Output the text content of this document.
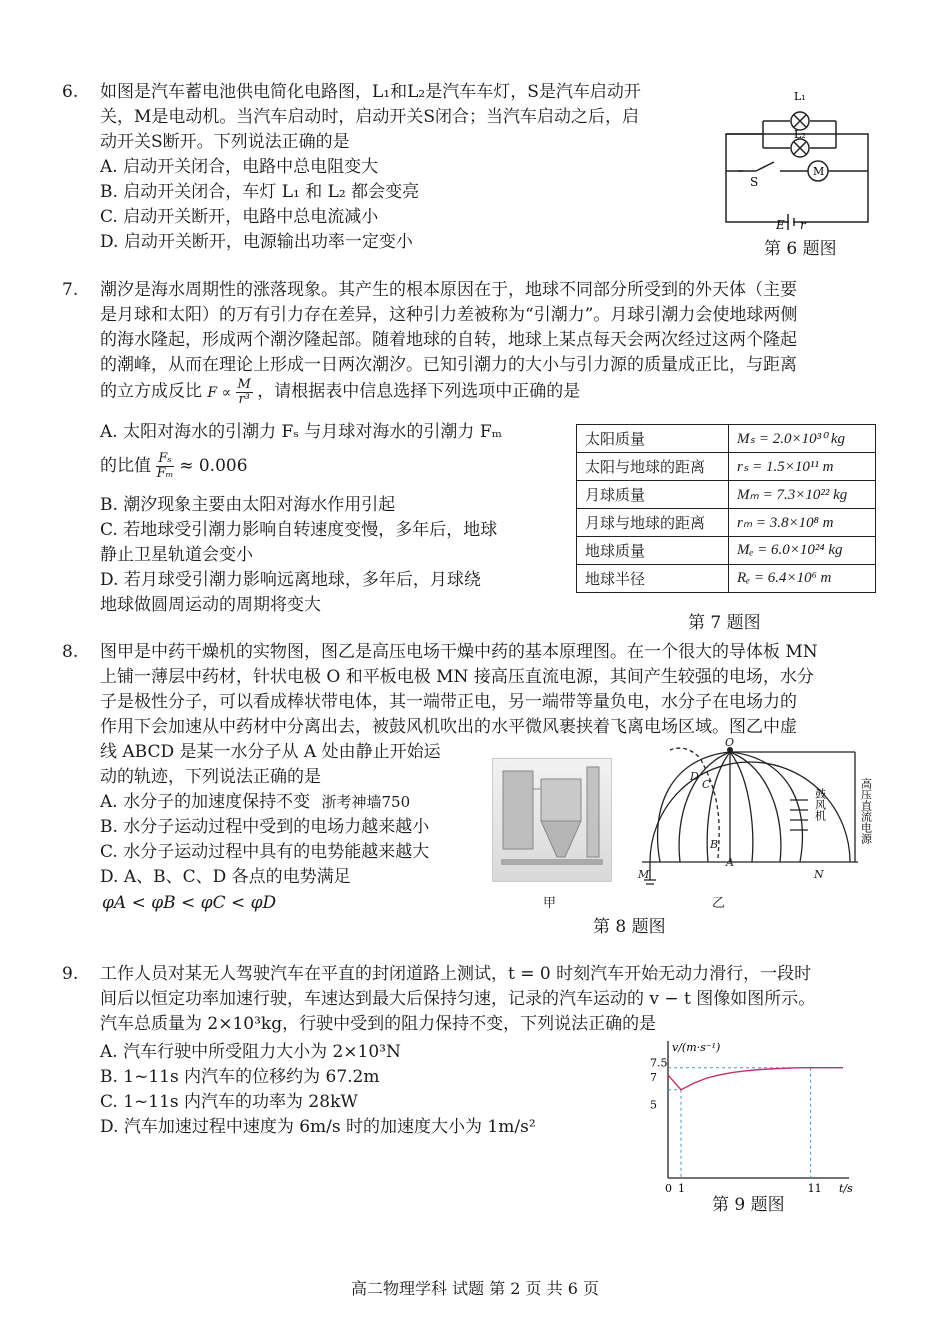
6. 如图是汽车蓄电池供电简化电路图，L₁和L₂是汽车车灯，S是汽车启动开
关，M是电动机。当汽车启动时，启动开关S闭合；当汽车启动之后，启
动开关S断开。下列说法正确的是
A. 启动开关闭合，电路中总电阻变大
B. 启动开关闭合，车灯 L₁ 和 L₂ 都会变亮
C. 启动开关断开，电路中总电流减小
D. 启动开关断开，电源输出功率一定变小
L₁
L₂
S
M
E r
第 6 题图
7. 潮汐是海水周期性的涨落现象。其产生的根本原因在于，地球不同部分所受到的外天体（主要
是月球和太阳）的万有引力存在差异，这种引力差被称为“引潮力”。月球引潮力会使地球两侧
的海水隆起，形成两个潮汐隆起部。随着地球的自转，地球上某点每天会两次经过这两个隆起
的潮峰，从而在理论上形成一日两次潮汐。已知引潮力的大小与引力源的质量成正比，与距离
的立方成反比 $F \propto \frac{M}{\text{r³}}$ ，请根据表中信息选择下列选项中正确的是
A. 太阳对海水的引潮力 Fₛ 与月球对海水的引潮力 Fₘ
的比值 $\frac{\text{Fₛ}}{\text{Fₘ}} \approx 0.006$
B. 潮汐现象主要由太阳对海水作用引起
C. 若地球受引潮力影响自转速度变慢，多年后，地球
静止卫星轨道会变小
D. 若月球受引潮力影响远离地球，多年后，月球绕
地球做圆周运动的周期将变大
太阳质量	Mₛ = 2.0×10³⁰ kg
太阳与地球的距离	rₛ = 1.5×10¹¹ m
月球质量	Mₘ = 7.3×10²² kg
月球与地球的距离	rₘ = 3.8×10⁸ m
地球质量	Mₑ = 6.0×10²⁴ kg
地球半径	Rₑ = 6.4×10⁶ m
第 7 题图
8. 图甲是中药干燥机的实物图，图乙是高压电场干燥中药的基本原理图。在一个很大的导体板 MN
上铺一薄层中药材，针状电极 O 和平板电极 MN 接高压直流电源，其间产生较强的电场，水分
子是极性分子，可以看成棒状带电体，其一端带正电，另一端带等量负电，水分子在电场力的
作用下会加速从中药材中分离出去，被鼓风机吹出的水平微风裹挟着飞离电场区域。图乙中虚
线 ABCD 是某一水分子从 A 处由静止开始运
动的轨迹，下列说法正确的是
A. 水分子的加速度保持不变 浙考神墙750
B. 水分子运动过程中受到的电场力越来越小
C. 水分子运动过程中具有的电势能越来越大
D. A、B、C、D 各点的电势满足
φA < φB < φC < φD	甲
O
A
B
C
D
M	N
鼓风机	高压直流电源
乙
第 8 题图
9. 工作人员对某无人驾驶汽车在平直的封闭道路上测试，t = 0 时刻汽车开始无动力滑行，一段时
间后以恒定功率加速行驶，车速达到最大后保持匀速，记录的汽车运动的 v − t 图像如图所示。
汽车总质量为 2×10³kg，行驶中受到的阻力保持不变，下列说法正确的是
A. 汽车行驶中所受阻力大小为 2×10³N
B. 1~11s 内汽车的位移约为 67.2m
C. 1~11s 内汽车的功率为 28kW
D. 汽车加速过程中速度为 6m/s 时的加速度大小为 1m/s²
v/(m·s⁻¹)
t/s
5
7
7.5
0 1	11
第 9 题图
高二物理学科 试题 第 2 页 共 6 页
